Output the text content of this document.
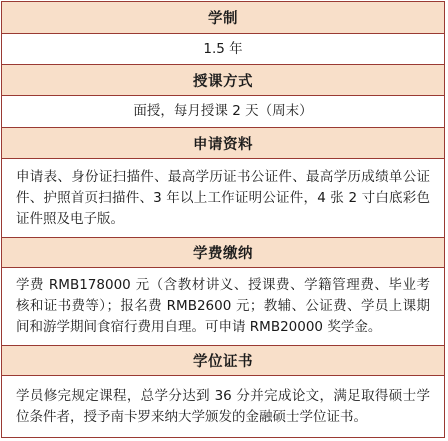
学制
1.5 年
授课方式
面授，每月授课 2 天（周末）
申请资料
申请表、身份证扫描件、最高学历证书公证件、最高学历成绩单公证件、护照首页扫描件、3 年以上工作证明公证件，4 张 2 寸白底彩色证件照及电子版。
学费缴纳
学费 RMB178000 元（含教材讲义、授课费、学籍管理费、毕业考核和证书费等）；报名费 RMB2600 元；教辅、公证费、学员上课期间和游学期间食宿行费用自理。可申请 RMB20000 奖学金。
学位证书
学员修完规定课程，总学分达到 36 分并完成论文，满足取得硕士学位条件者，授予南卡罗来纳大学颁发的金融硕士学位证书。
